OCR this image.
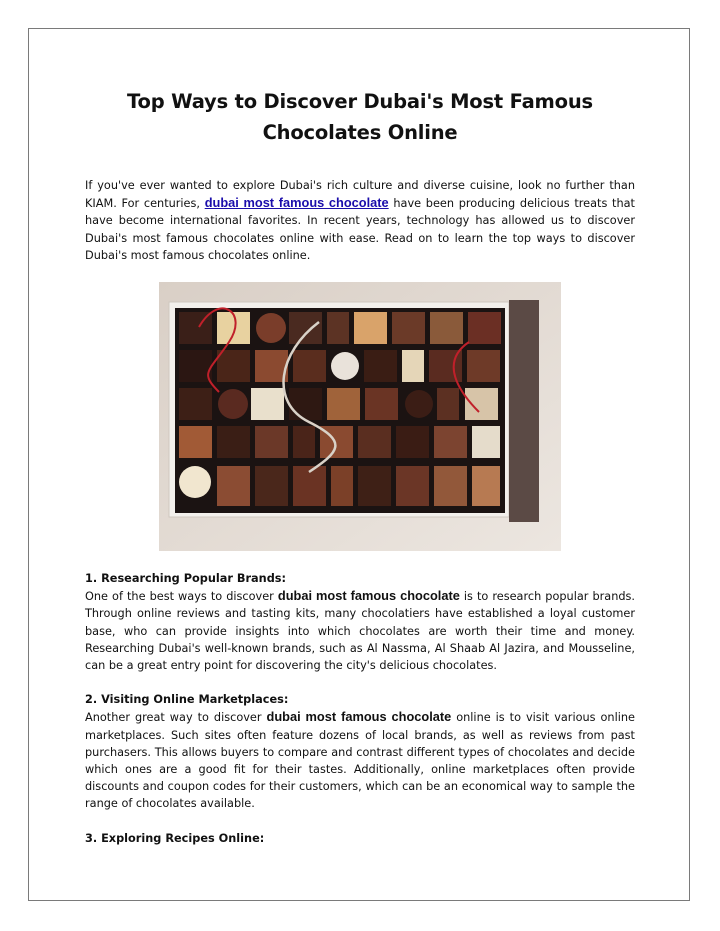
Top Ways to Discover Dubai's Most Famous Chocolates Online

If you've ever wanted to explore Dubai's rich culture and diverse cuisine, look no further than KIAM. For centuries, dubai most famous chocolate have been producing delicious treats that have become international favorites. In recent years, technology has allowed us to discover Dubai's most famous chocolates online with ease. Read on to learn the top ways to discover Dubai's most famous chocolates online.

1. Researching Popular Brands:

One of the best ways to discover dubai most famous chocolate is to research popular brands. Through online reviews and tasting kits, many chocolatiers have established a loyal customer base, who can provide insights into which chocolates are worth their time and money. Researching Dubai's well-known brands, such as Al Nassma, Al Shaab Al Jazira, and Mousseline, can be a great entry point for discovering the city's delicious chocolates.

2. Visiting Online Marketplaces:

Another great way to discover dubai most famous chocolate online is to visit various online marketplaces. Such sites often feature dozens of local brands, as well as reviews from past purchasers. This allows buyers to compare and contrast different types of chocolates and decide which ones are a good fit for their tastes. Additionally, online marketplaces often provide discounts and coupon codes for their customers, which can be an economical way to sample the range of chocolates available.

3. Exploring Recipes Online:
